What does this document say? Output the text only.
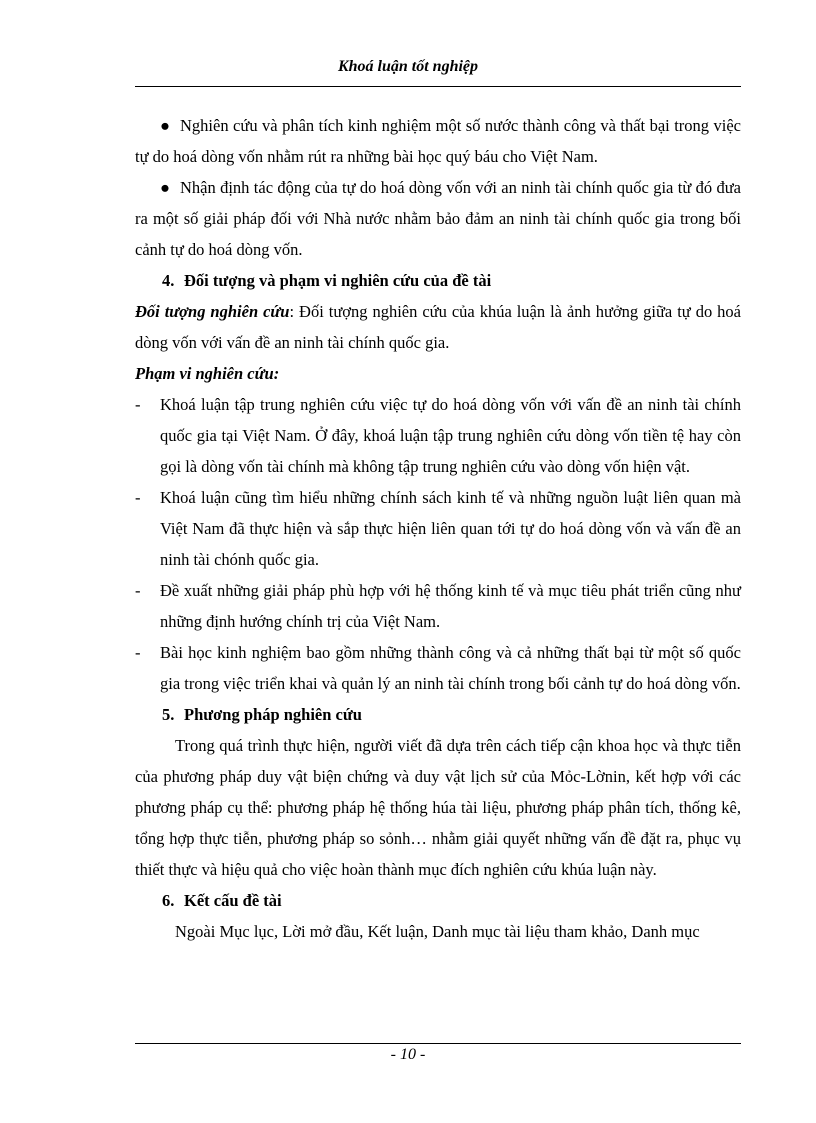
Khoá luận tốt nghiệp

● Nghiên cứu và phân tích kinh nghiệm một số nước thành công và thất bại trong việc tự do hoá dòng vốn nhằm rút ra những bài học quý báu cho Việt Nam.

● Nhận định tác động của tự do hoá dòng vốn với an ninh tài chính quốc gia từ đó đưa ra một số giải pháp đối với Nhà nước nhằm bảo đảm an ninh tài chính quốc gia trong bối cảnh tự do hoá dòng vốn.

4. Đối tượng và phạm vi nghiên cứu của đề tài

Đối tượng nghiên cứu: Đối tượng nghiên cứu của khúa luận là ảnh hưởng giữa tự do hoá dòng vốn với vấn đề an ninh tài chính quốc gia.

Phạm vi nghiên cứu:

- Khoá luận tập trung nghiên cứu việc tự do hoá dòng vốn với vấn đề an ninh tài chính quốc gia tại Việt Nam. Ở đây, khoá luận tập trung nghiên cứu dòng vốn tiền tệ hay còn gọi là dòng vốn tài chính mà không tập trung nghiên cứu vào dòng vốn hiện vật.

- Khoá luận cũng tìm hiểu những chính sách kinh tế và những nguồn luật liên quan mà Việt Nam đã thực hiện và sắp thực hiện liên quan tới tự do hoá dòng vốn và vấn đề an ninh tài chónh quốc gia.

- Đề xuất những giải pháp phù hợp với hệ thống kinh tế và mục tiêu phát triển cũng như những định hướng chính trị của Việt Nam.

- Bài học kinh nghiệm bao gồm những thành công và cả những thất bại từ một số quốc gia trong việc triển khai và quản lý an ninh tài chính trong bối cảnh tự do hoá dòng vốn.

5. Phương pháp nghiên cứu

Trong quá trình thực hiện, người viết đã dựa trên cách tiếp cận khoa học và thực tiễn của phương pháp duy vật biện chứng và duy vật lịch sử của Mỏc-Lờnin, kết hợp với các phương pháp cụ thể: phương pháp hệ thống húa tài liệu, phương pháp phân tích, thống kê, tổng hợp thực tiễn, phương pháp so sỏnh… nhằm giải quyết những vấn đề đặt ra, phục vụ thiết thực và hiệu quả cho việc hoàn thành mục đích nghiên cứu khúa luận này.

6. Kết cấu đề tài

Ngoài Mục lục, Lời mở đầu, Kết luận, Danh mục tài liệu tham khảo, Danh mục

- 10 -
